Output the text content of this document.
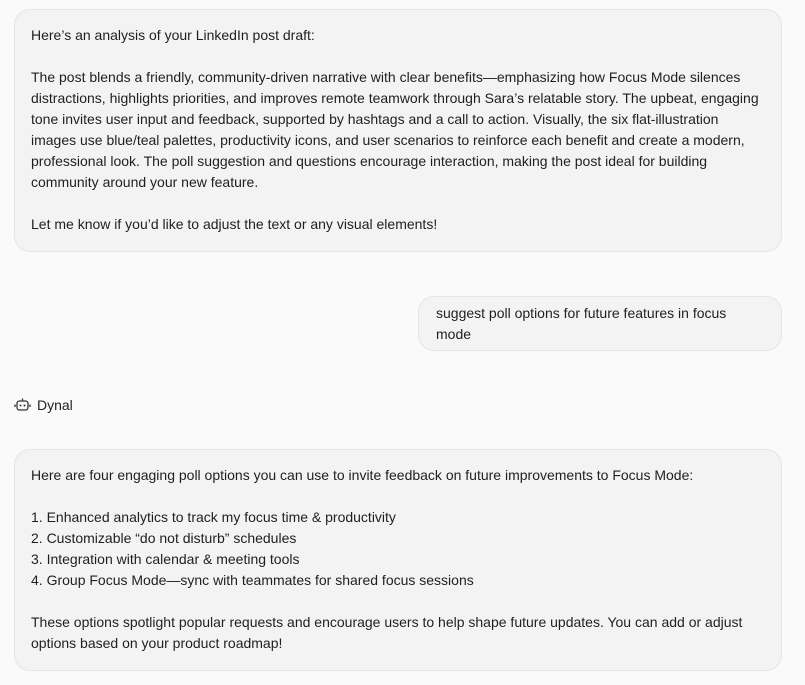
Here’s an analysis of your LinkedIn post draft:

The post blends a friendly, community-driven narrative with clear benefits—emphasizing how Focus Mode silences distractions, highlights priorities, and improves remote teamwork through Sara’s relatable story. The upbeat, engaging tone invites user input and feedback, supported by hashtags and a call to action. Visually, the six flat-illustration images use blue/teal palettes, productivity icons, and user scenarios to reinforce each benefit and create a modern, professional look. The poll suggestion and questions encourage interaction, making the post ideal for building community around your new feature.

Let me know if you’d like to adjust the text or any visual elements!

suggest poll options for future features in focus mode
Dynal

Here are four engaging poll options you can use to invite feedback on future improvements to Focus Mode:

1. Enhanced analytics to track my focus time & productivity
2. Customizable “do not disturb” schedules
3. Integration with calendar & meeting tools
4. Group Focus Mode—sync with teammates for shared focus sessions

These options spotlight popular requests and encourage users to help shape future updates. You can add or adjust options based on your product roadmap!
